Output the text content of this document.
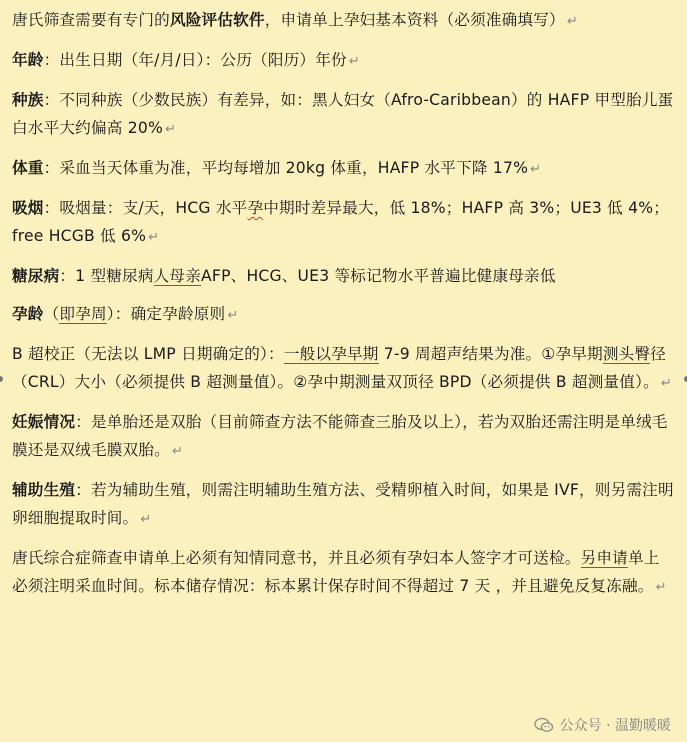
唐氏筛查需要有专门的风险评估软件，申请单上孕妇基本资料（必须准确填写） ↵

年龄：出生日期（年/月/日）：公历（阳历）年份 ↵

种族：不同种族（少数民族）有差异，如：黑人妇女（Afro-Caribbean）的 HAFP 甲型胎儿蛋白水平大约偏高 20% ↵

体重：采血当天体重为准，平均每增加 20kg 体重，HAFP 水平下降 17% ↵

吸烟：吸烟量：支/天，HCG 水平孕中期时差异最大，低 18%；HAFP 高 3%；UE3 低 4%；free HCGB 低 6% ↵

糖尿病：1 型糖尿病人母亲AFP、HCG、UE3 等标记物水平普遍比健康母亲低

孕龄（即孕周）：确定孕龄原则 ↵

B 超校正（无法以 LMP 日期确定的）：一般以孕早期 7-9 周超声结果为准。①孕早期测头臀径（CRL）大小（必须提供 B 超测量值）。②孕中期测量双顶径 BPD（必须提供 B 超测量值）。 ↵

妊娠情况：是单胎还是双胎（目前筛查方法不能筛查三胎及以上），若为双胎还需注明是单绒毛膜还是双绒毛膜双胎。 ↵

辅助生殖：若为辅助生殖，则需注明辅助生殖方法、受精卵植入时间，如果是 IVF，则另需注明卵细胞提取时间。 ↵

唐氏综合症筛查申请单上必须有知情同意书，并且必须有孕妇本人签字才可送检。另申请单上必须注明采血时间。标本储存情况：标本累计保存时间不得超过 7 天 ，并且避免反复冻融。 ↵

公众号 · 温勤暖暖
